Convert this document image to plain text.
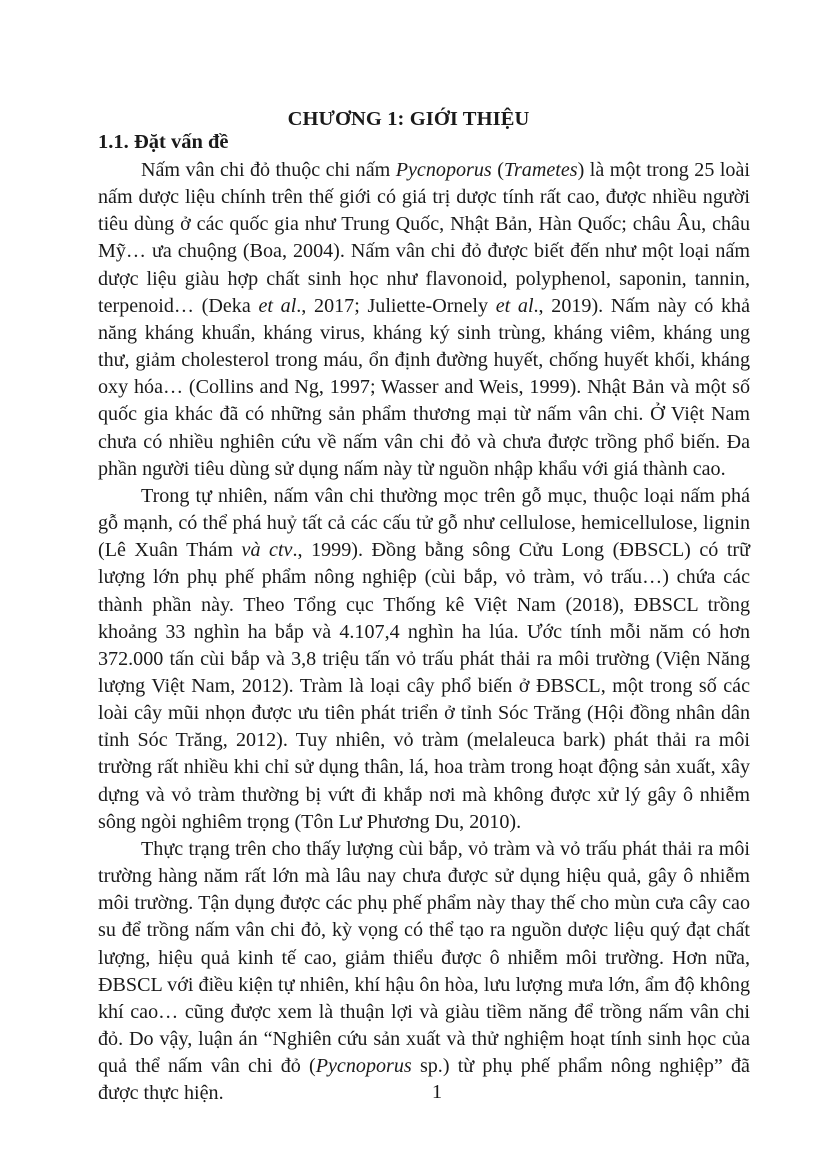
CHƯƠNG 1: GIỚI THIỆU
1.1. Đặt vấn đề

Nấm vân chi đỏ thuộc chi nấm Pycnoporus (Trametes) là một trong 25 loài nấm dược liệu chính trên thế giới có giá trị dược tính rất cao, được nhiều người tiêu dùng ở các quốc gia như Trung Quốc, Nhật Bản, Hàn Quốc; châu Âu, châu Mỹ… ưa chuộng (Boa, 2004). Nấm vân chi đỏ được biết đến như một loại nấm dược liệu giàu hợp chất sinh học như flavonoid, polyphenol, saponin, tannin, terpenoid… (Deka et al., 2017; Juliette-Ornely et al., 2019). Nấm này có khả năng kháng khuẩn, kháng virus, kháng ký sinh trùng, kháng viêm, kháng ung thư, giảm cholesterol trong máu, ổn định đường huyết, chống huyết khối, kháng oxy hóa… (Collins and Ng, 1997; Wasser and Weis, 1999). Nhật Bản và một số quốc gia khác đã có những sản phẩm thương mại từ nấm vân chi. Ở Việt Nam chưa có nhiều nghiên cứu về nấm vân chi đỏ và chưa được trồng phổ biến. Đa phần người tiêu dùng sử dụng nấm này từ nguồn nhập khẩu với giá thành cao.

Trong tự nhiên, nấm vân chi thường mọc trên gỗ mục, thuộc loại nấm phá gỗ mạnh, có thể phá huỷ tất cả các cấu tử gỗ như cellulose, hemicellulose, lignin (Lê Xuân Thám và ctv., 1999). Đồng bằng sông Cửu Long (ĐBSCL) có trữ lượng lớn phụ phế phẩm nông nghiệp (cùi bắp, vỏ tràm, vỏ trấu…) chứa các thành phần này. Theo Tổng cục Thống kê Việt Nam (2018), ĐBSCL trồng khoảng 33 nghìn ha bắp và 4.107,4 nghìn ha lúa. Ước tính mỗi năm có hơn 372.000 tấn cùi bắp và 3,8 triệu tấn vỏ trấu phát thải ra môi trường (Viện Năng lượng Việt Nam, 2012). Tràm là loại cây phổ biến ở ĐBSCL, một trong số các loài cây mũi nhọn được ưu tiên phát triển ở tỉnh Sóc Trăng (Hội đồng nhân dân tỉnh Sóc Trăng, 2012). Tuy nhiên, vỏ tràm (melaleuca bark) phát thải ra môi trường rất nhiều khi chỉ sử dụng thân, lá, hoa tràm trong hoạt động sản xuất, xây dựng và vỏ tràm thường bị vứt đi khắp nơi mà không được xử lý gây ô nhiễm sông ngòi nghiêm trọng (Tôn Lư Phương Du, 2010).

Thực trạng trên cho thấy lượng cùi bắp, vỏ tràm và vỏ trấu phát thải ra môi trường hàng năm rất lớn mà lâu nay chưa được sử dụng hiệu quả, gây ô nhiễm môi trường. Tận dụng được các phụ phế phẩm này thay thế cho mùn cưa cây cao su để trồng nấm vân chi đỏ, kỳ vọng có thể tạo ra nguồn dược liệu quý đạt chất lượng, hiệu quả kinh tế cao, giảm thiểu được ô nhiễm môi trường. Hơn nữa, ĐBSCL với điều kiện tự nhiên, khí hậu ôn hòa, lưu lượng mưa lớn, ẩm độ không khí cao… cũng được xem là thuận lợi và giàu tiềm năng để trồng nấm vân chi đỏ. Do vậy, luận án “Nghiên cứu sản xuất và thử nghiệm hoạt tính sinh học của quả thể nấm vân chi đỏ (Pycnoporus sp.) từ phụ phế phẩm nông nghiệp” đã được thực hiện.	1
